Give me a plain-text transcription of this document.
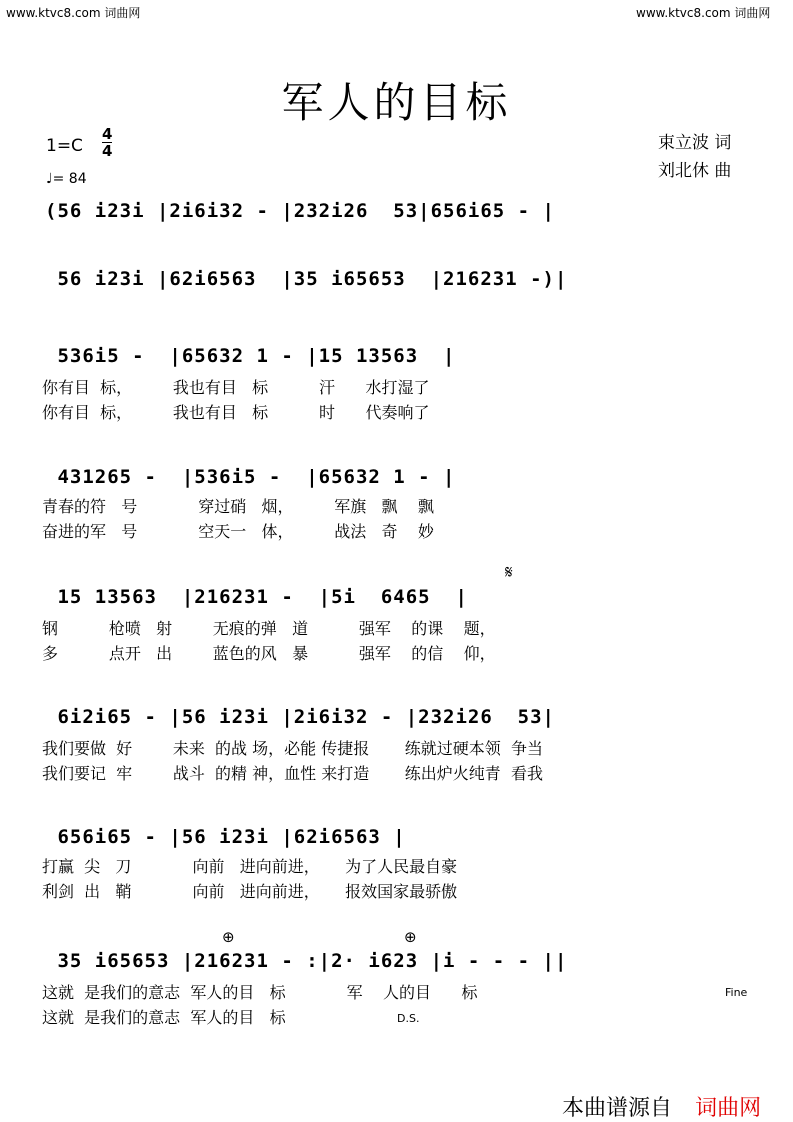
www.ktvc8.com 词曲网	www.ktvc8.com 词曲网
军人的目标
1=C
4
4
♩= 84
束立波 词
刘北休 曲
(56 i23i |2i6i32 - |232i26  53|656i65 - |
56 i23i |62i6563  |35 i65653  |216231 -)|
536i5 -  |65632 1 - |15 13563  |
你有目  标，        我也有目   标          汗      水打湿了
你有目  标，        我也有目   标          时      代奏响了
431265 -  |536i5 -  |65632 1 - |
青春的符   号            穿过硝   烟，        军旗   飘    飘
奋进的军   号            空天一   体，        战法   奇    妙
15 13563  |216231 -  |5i  6465  |
𝄋
钢          枪喷   射        无痕的弹   道          强军    的课    题，
多          点开   出        蓝色的风   暴          强军    的信    仰，
6i2i65 - |56 i23i |2i6i32 - |232i26  53|
我们要做  好        未来  的战 场，必能 传捷报       练就过硬本领  争当
我们要记  牢        战斗  的精 神，血性 来打造       练出炉火纯青  看我
656i65 - |56 i23i |62i6563 |
打赢  尖   刀            向前   进向前进，     为了人民最自豪
利剑  出   鞘            向前   进向前进，     报效国家最骄傲
⊕	⊕
35 i65653 |216231 - :|2· i623 |i - - - ||
这就  是我们的意志  军人的目   标            军    人的目      标
这就  是我们的意志  军人的目   标
Fine
D.S.
本曲谱源自 词曲网
